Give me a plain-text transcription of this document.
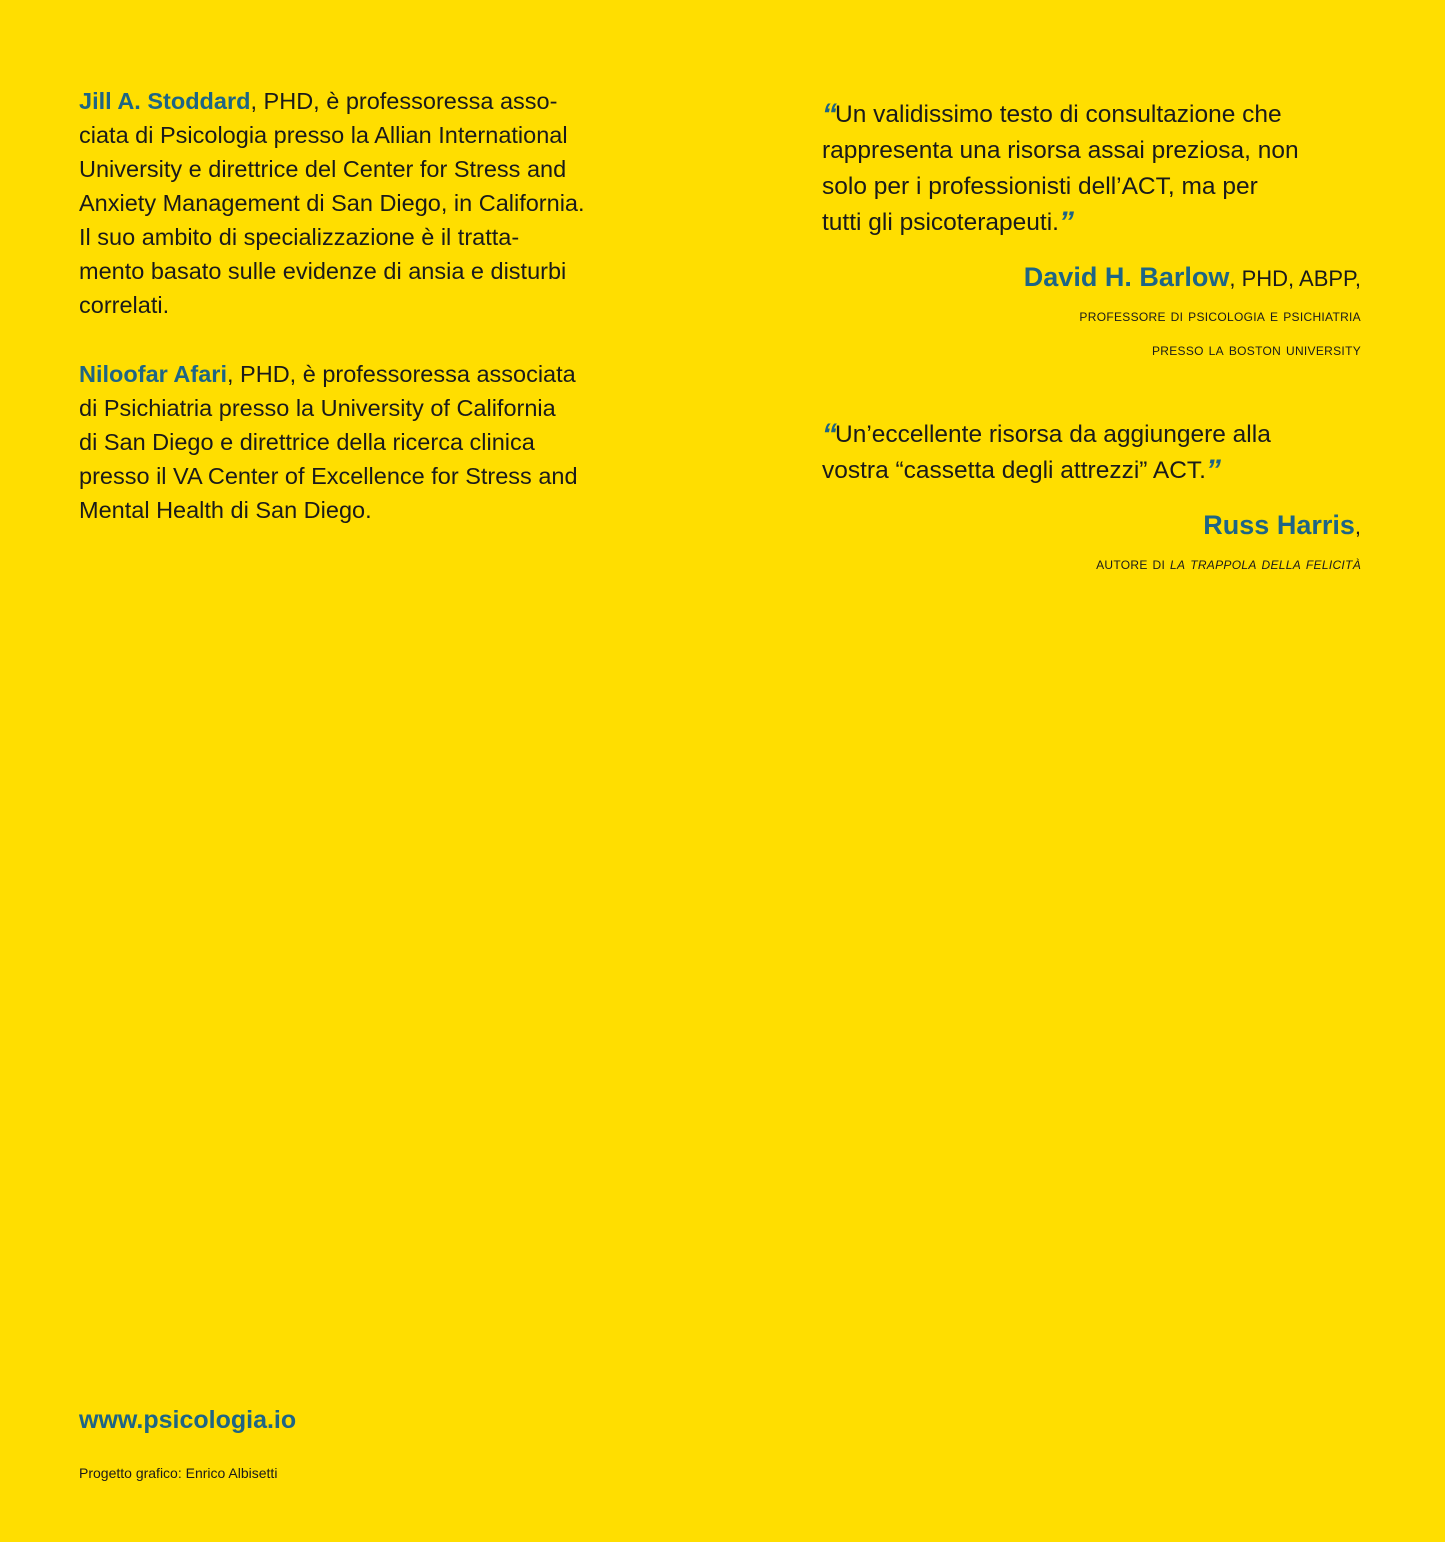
Jill A. Stoddard, PHD, è professoressa asso-
ciata di Psicologia presso la Allian International
University e direttrice del Center for Stress and
Anxiety Management di San Diego, in California.
Il suo ambito di specializzazione è il tratta-
mento basato sulle evidenze di ansia e disturbi
correlati.

Niloofar Afari, PHD, è professoressa associata
di Psichiatria presso la University of California
di San Diego e direttrice della ricerca clinica
presso il VA Center of Excellence for Stress and
Mental Health di San Diego.

“Un validissimo testo di consultazione che
rappresenta una risorsa assai preziosa, non
solo per i professionisti dell’ACT, ma per
tutti gli psicoterapeuti.”

David H. Barlow, PHD, ABPP,
professore di psicologia e psichiatria
presso la boston university

“Un’eccellente risorsa da aggiungere alla
vostra “cassetta degli attrezzi” ACT.”

Russ Harris,
autore di la trappola della felicità

www.psicologia.io

Progetto grafico: Enrico Albisetti
